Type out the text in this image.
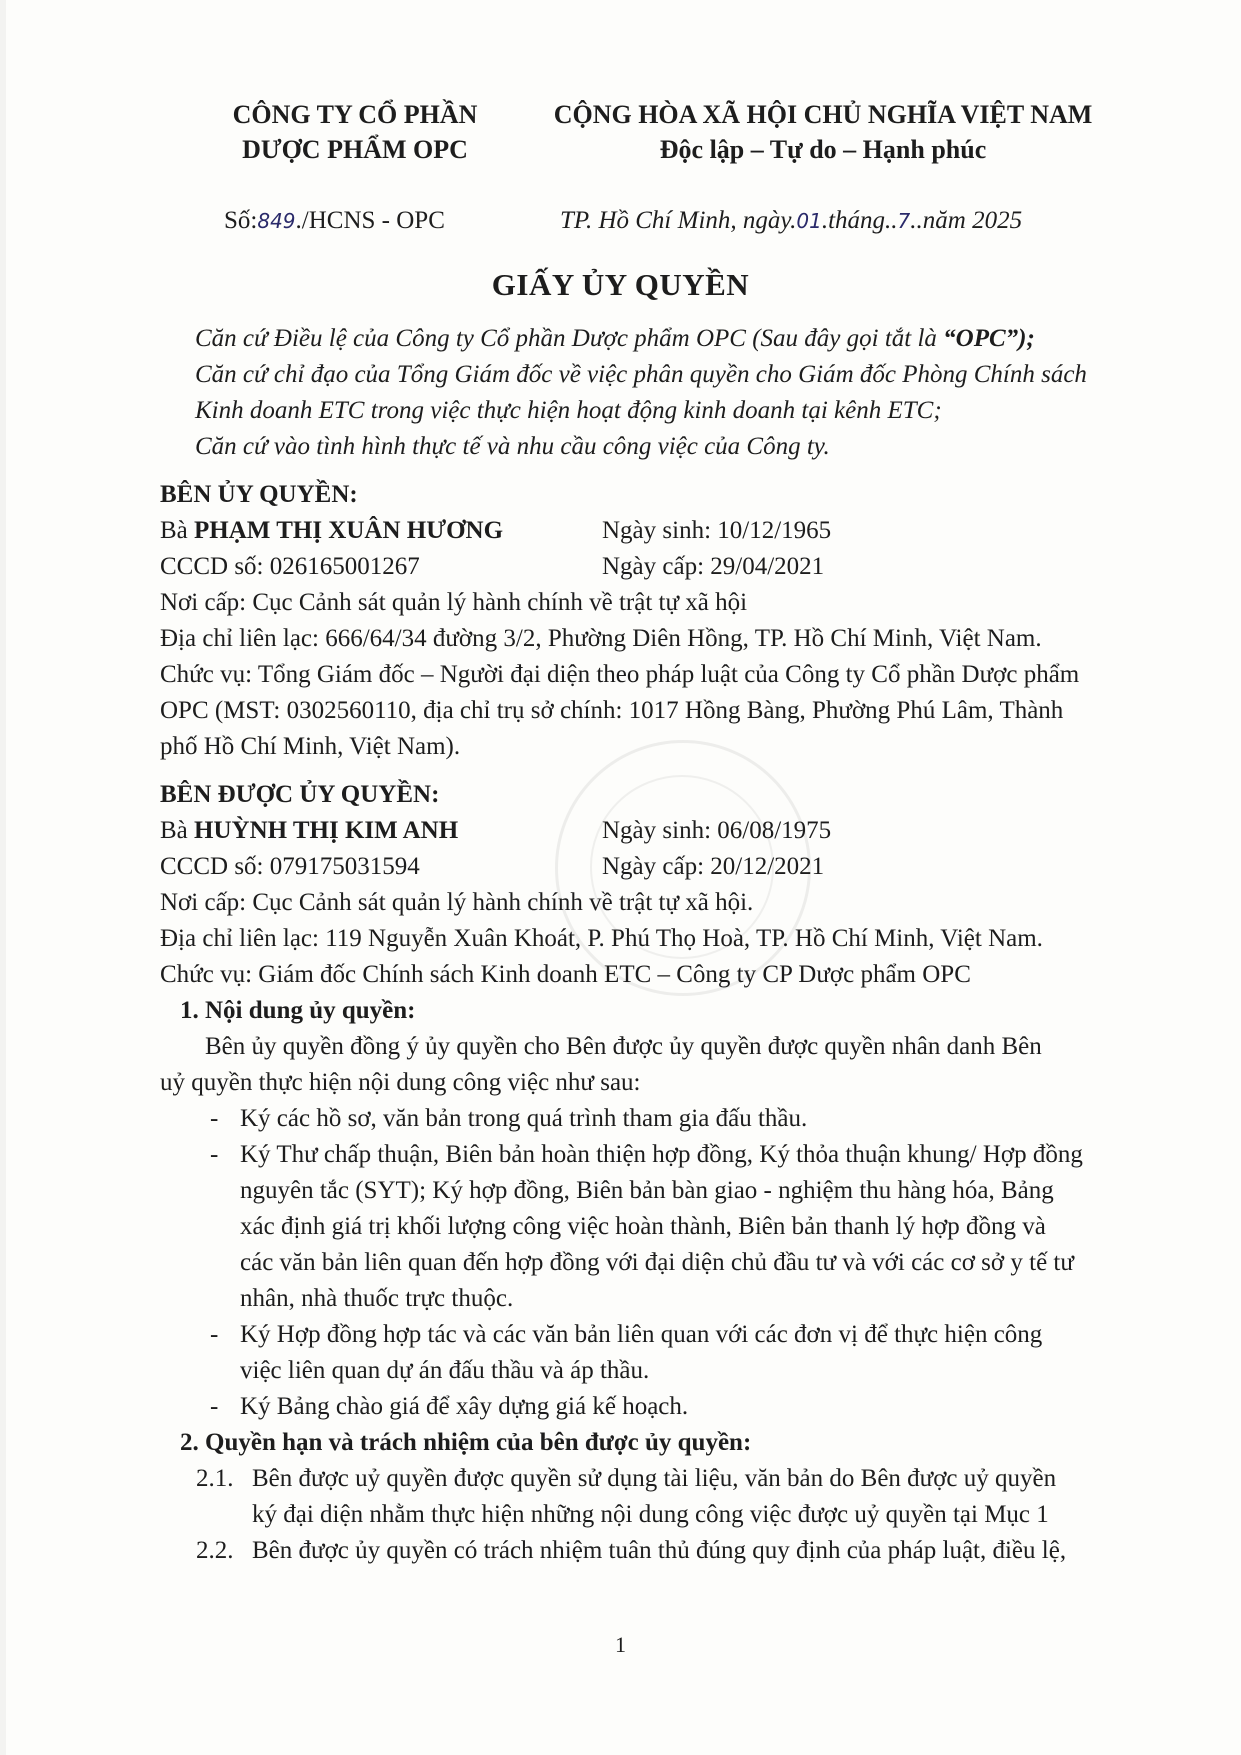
CÔNG TY CỔ PHẦN
DƯỢC PHẨM OPC
CỘNG HÒA XÃ HỘI CHỦ NGHĨA VIỆT NAM
Độc lập – Tự do – Hạnh phúc
Số:849./HCNS - OPC	TP. Hồ Chí Minh, ngày.01.tháng..7..năm 2025
GIẤY ỦY QUYỀN
Căn cứ Điều lệ của Công ty Cổ phần Dược phẩm OPC (Sau đây gọi tắt là “OPC”);
Căn cứ chỉ đạo của Tổng Giám đốc về việc phân quyền cho Giám đốc Phòng Chính sách
Kinh doanh ETC trong việc thực hiện hoạt động kinh doanh tại kênh ETC;
Căn cứ vào tình hình thực tế và nhu cầu công việc của Công ty.
BÊN ỦY QUYỀN:
Bà PHẠM THỊ XUÂN HƯƠNG	Ngày sinh: 10/12/1965
CCCD số: 026165001267	Ngày cấp: 29/04/2021
Nơi cấp: Cục Cảnh sát quản lý hành chính về trật tự xã hội
Địa chỉ liên lạc: 666/64/34 đường 3/2, Phường Diên Hồng, TP. Hồ Chí Minh, Việt Nam.
Chức vụ: Tổng Giám đốc – Người đại diện theo pháp luật của Công ty Cổ phần Dược phẩm
OPC (MST: 0302560110, địa chỉ trụ sở chính: 1017 Hồng Bàng, Phường Phú Lâm, Thành
phố Hồ Chí Minh, Việt Nam).
BÊN ĐƯỢC ỦY QUYỀN:
Bà HUỲNH THỊ KIM ANH	Ngày sinh: 06/08/1975
CCCD số: 079175031594	Ngày cấp: 20/12/2021
Nơi cấp: Cục Cảnh sát quản lý hành chính về trật tự xã hội.
Địa chỉ liên lạc: 119 Nguyễn Xuân Khoát, P. Phú Thọ Hoà, TP. Hồ Chí Minh, Việt Nam.
Chức vụ: Giám đốc Chính sách Kinh doanh ETC – Công ty CP Dược phẩm OPC
1. Nội dung ủy quyền:
Bên ủy quyền đồng ý ủy quyền cho Bên được ủy quyền được quyền nhân danh Bên
uỷ quyền thực hiện nội dung công việc như sau:
- Ký các hồ sơ, văn bản trong quá trình tham gia đấu thầu.
- Ký Thư chấp thuận, Biên bản hoàn thiện hợp đồng, Ký thỏa thuận khung/ Hợp đồng
nguyên tắc (SYT); Ký hợp đồng, Biên bản bàn giao - nghiệm thu hàng hóa, Bảng
xác định giá trị khối lượng công việc hoàn thành, Biên bản thanh lý hợp đồng và
các văn bản liên quan đến hợp đồng với đại diện chủ đầu tư và với các cơ sở y tế tư
nhân, nhà thuốc trực thuộc.
- Ký Hợp đồng hợp tác và các văn bản liên quan với các đơn vị để thực hiện công
việc liên quan dự án đấu thầu và áp thầu.
- Ký Bảng chào giá để xây dựng giá kế hoạch.
2. Quyền hạn và trách nhiệm của bên được ủy quyền:
2.1. Bên được uỷ quyền được quyền sử dụng tài liệu, văn bản do Bên được uỷ quyền
ký đại diện nhằm thực hiện những nội dung công việc được uỷ quyền tại Mục 1
2.2. Bên được ủy quyền có trách nhiệm tuân thủ đúng quy định của pháp luật, điều lệ,
1
